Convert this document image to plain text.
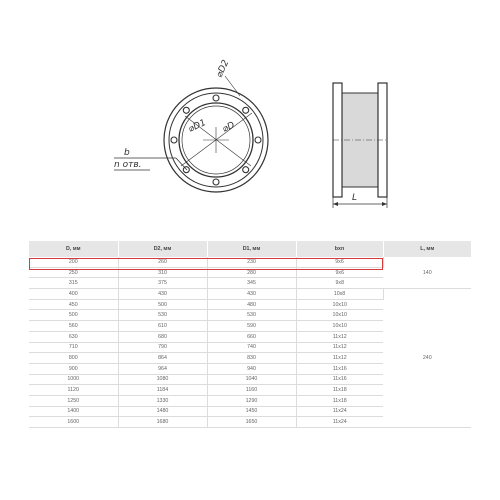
⌀D2
⌀D1 ⌀D
b
n отв.
L
D, мм	D2, мм	D1, мм	bxn	L, мм
200	260	230	9x6	140
250	310	280	9x6	
315	375	345	9x8	
400	430	430	10x8	240
450	500	480	10x10	
500	530	530	10x10	
560	610	590	10x10	
630	680	660	11x12	
710	790	740	11x12	
800	864	830	11x12	
900	964	940	11x16	
1000	1080	1040	11x16	
1120	1184	1160	11x18	
1250	1330	1290	11x18	
1400	1480	1450	11x24	
1600	1680	1650	11x24	
